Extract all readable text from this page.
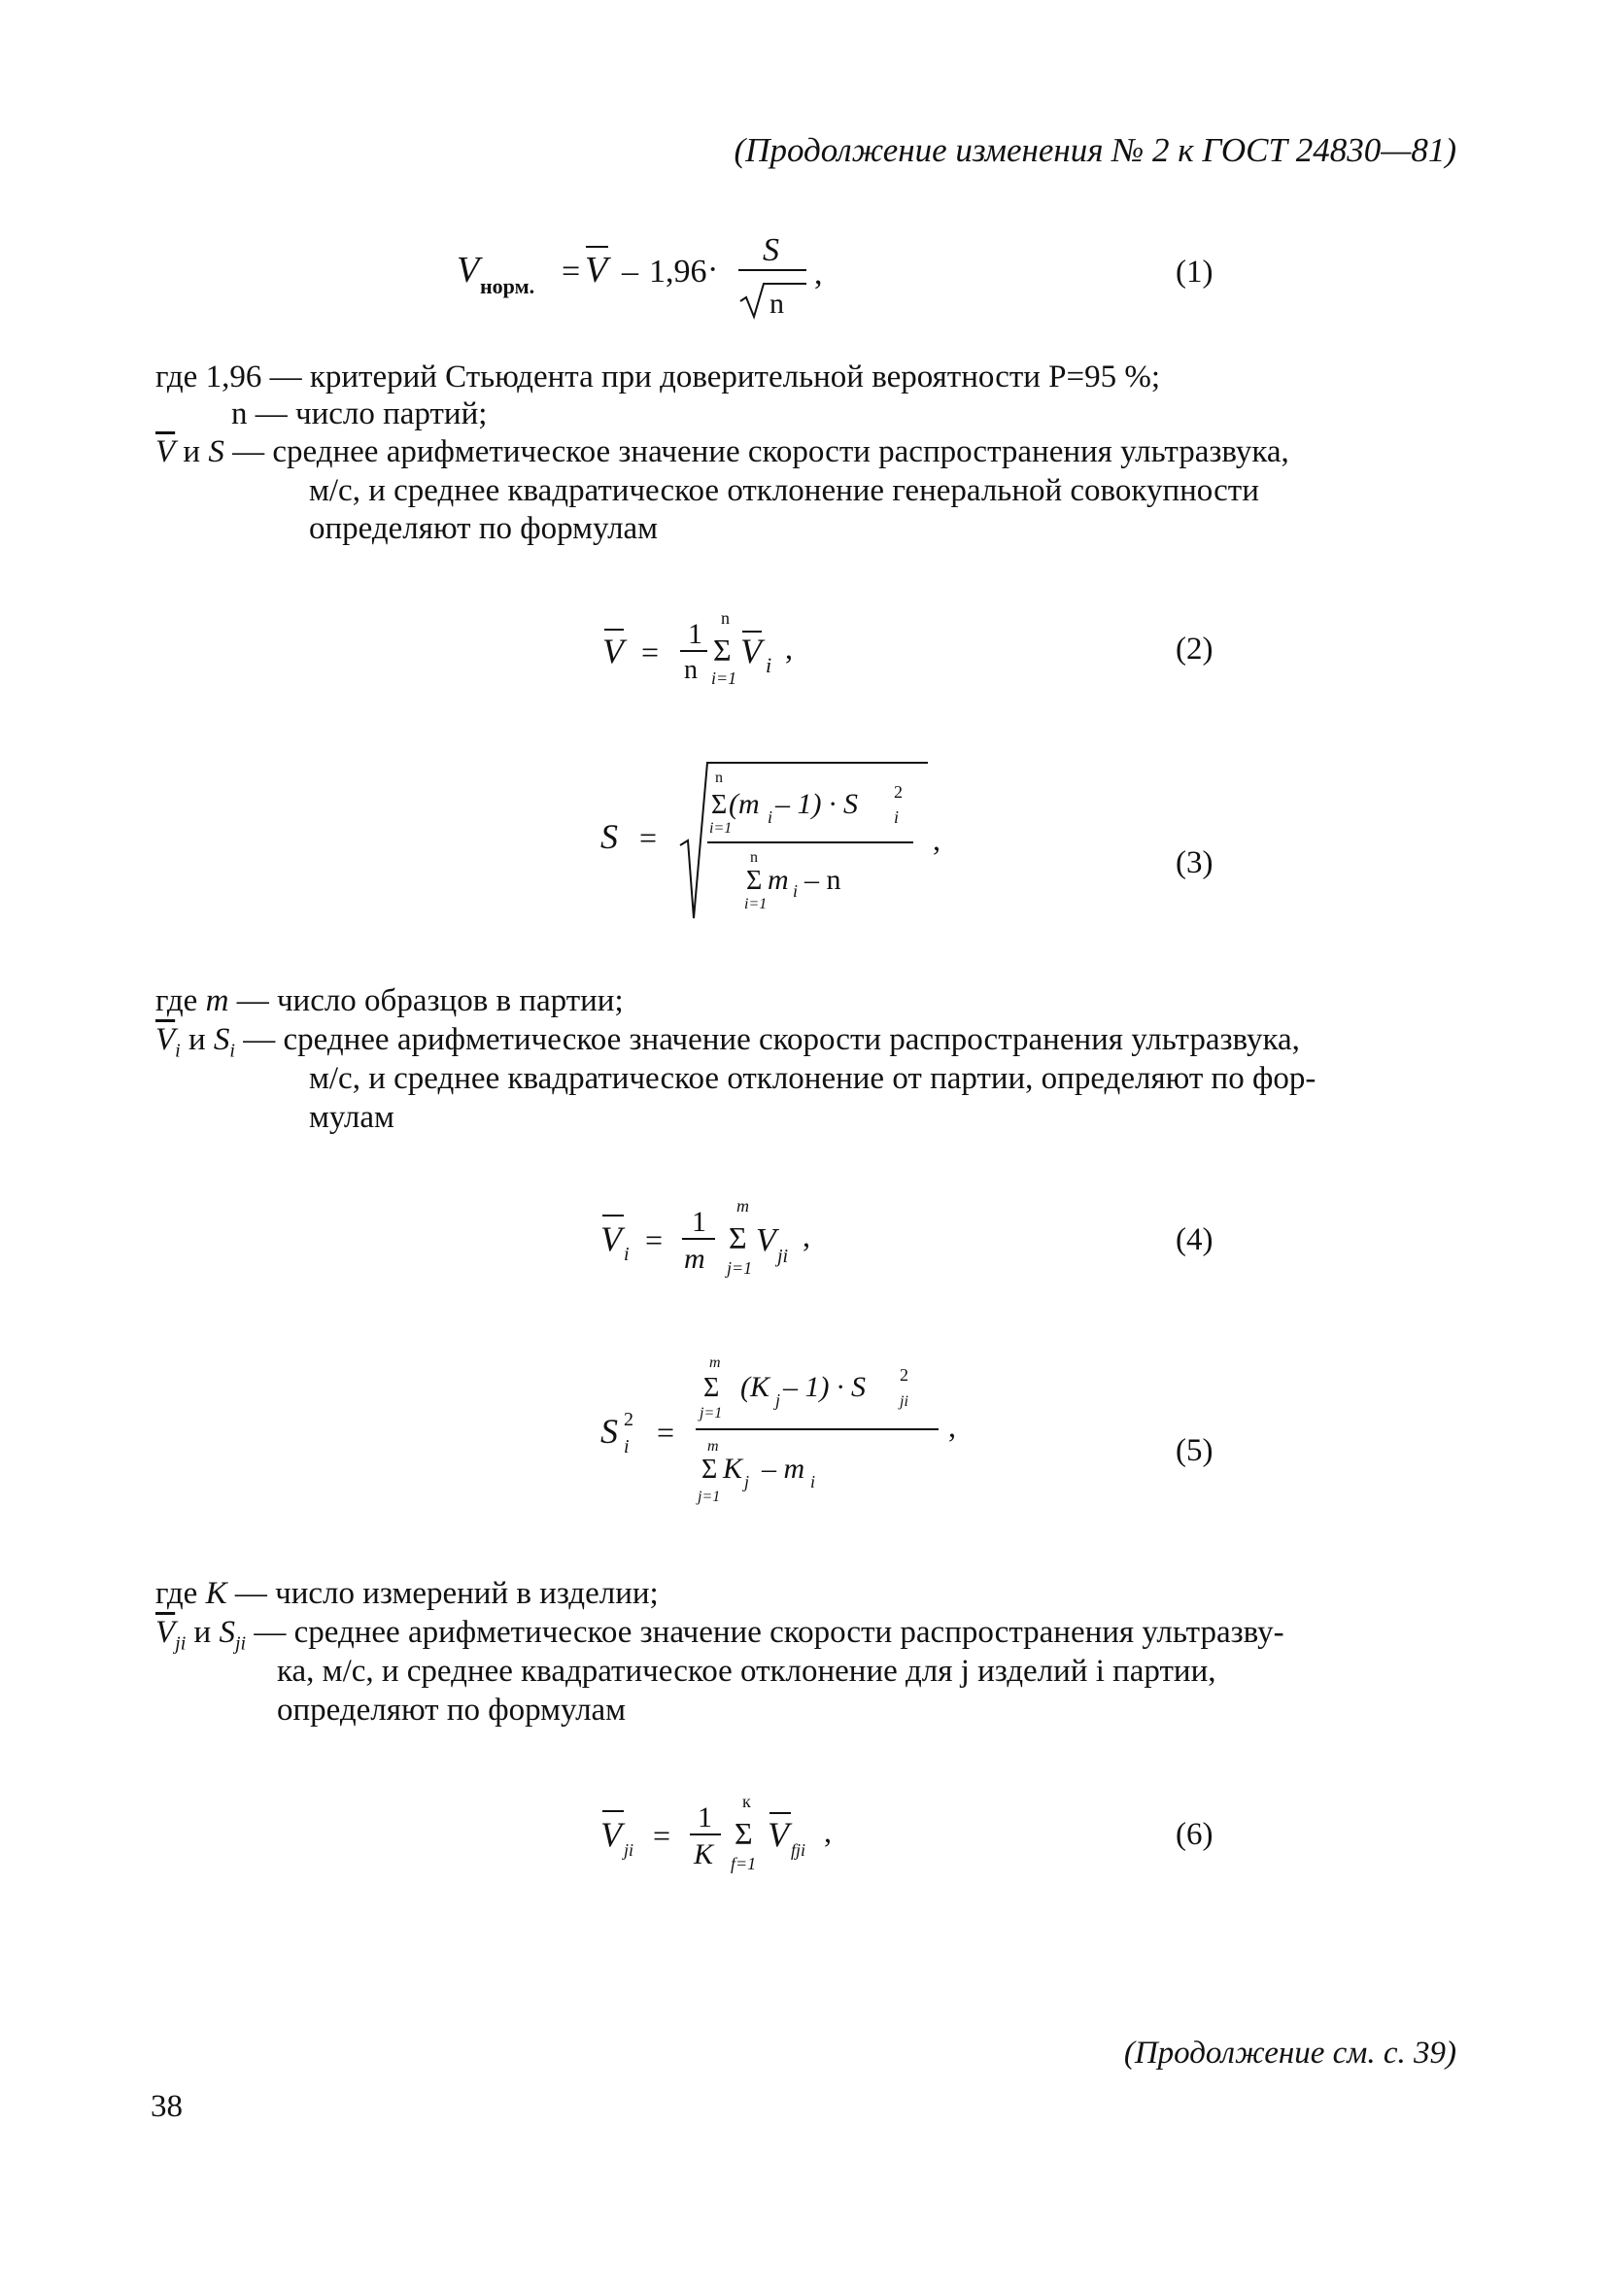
(Продолжение изменения № 2 к ГОСТ 24830—81)
V норм. = V – 1,96 ·
S
n
,	(1)
где 1,96 — критерий Стьюдента при доверительной вероятности P=95 %;
n — число партий;
$\overline{V}$ и S — среднее арифметическое значение скорости распространения ультразвука,
м/с, и среднее квадратическое отклонение генеральной совокупности
определяют по формулам
V =
1
n
n
Σ
i=1
V i ,	(2)
S =
n
Σ
i=1
(m i – 1) · S 2
i
n
Σ
i=1
m i – n
,
(3)
где m — число образцов в партии;
$\overline{V}_i$ и $S_i$ — среднее арифметическое значение скорости распространения ультразвука,
м/с, и среднее квадратическое отклонение от партии, определяют по фор-
мулам
V i =
1
m
m
Σ
j=1
V ji
,	(4)
S 2
i =
m
Σ
j=1
(K j – 1) · S 2
ji
m
Σ
j=1
K j – m i
,
(5)
где K — число измерений в изделии;
$\overline{V}_{ji}$ и $S_{ji}$ — среднее арифметическое значение скорости распространения ультразву-
ка, м/с, и среднее квадратическое отклонение для j изделий i партии,
определяют по формулам
V ji =
1
K
к
Σ
f=1
V fji
,	(6)
(Продолжение см. с. 39)
38
